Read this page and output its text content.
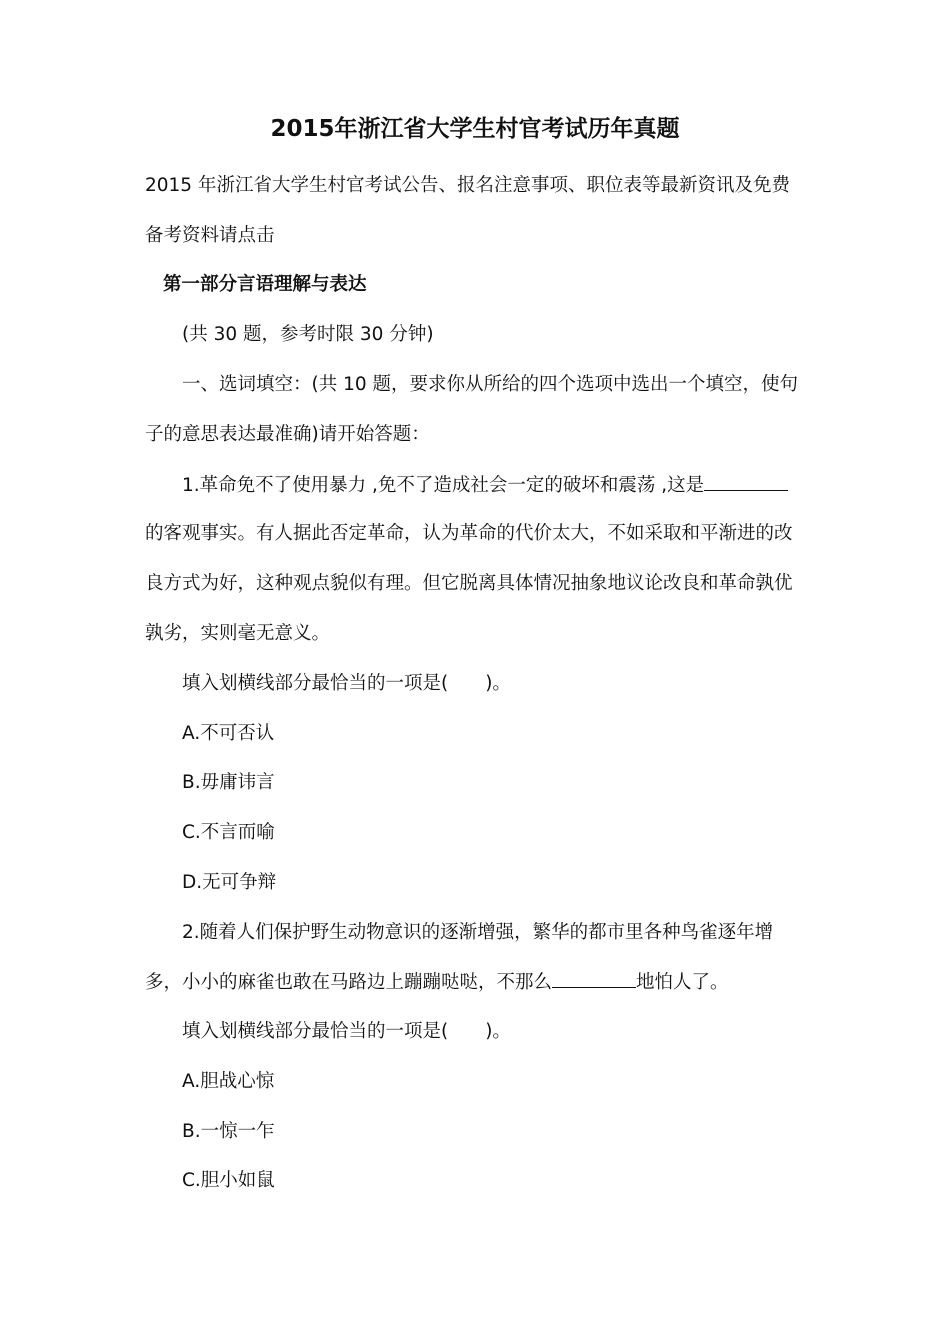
2015年浙江省大学生村官考试历年真题
2015 年浙江省大学生村官考试公告、报名注意事项、职位表等最新资讯及免费
备考资料请点击
第一部分言语理解与表达
(共 30 题，参考时限 30 分钟)
一、选词填空：(共 10 题，要求你从所给的四个选项中选出一个填空，使句
子的意思表达最准确)请开始答题：
1.革命免不了使用暴力 ,免不了造成社会一定的破坏和震荡 ,这是
的客观事实。有人据此否定革命，认为革命的代价太大，不如采取和平渐进的改
良方式为好，这种观点貌似有理。但它脱离具体情况抽象地议论改良和革命孰优
孰劣，实则毫无意义。
填入划横线部分最恰当的一项是(　　)。
A.不可否认
B.毋庸讳言
C.不言而喻
D.无可争辩
2.随着人们保护野生动物意识的逐渐增强，繁华的都市里各种鸟雀逐年增
多，小小的麻雀也敢在马路边上蹦蹦哒哒，不那么	地怕人了。
填入划横线部分最恰当的一项是(　　)。
A.胆战心惊
B.一惊一乍
C.胆小如鼠
